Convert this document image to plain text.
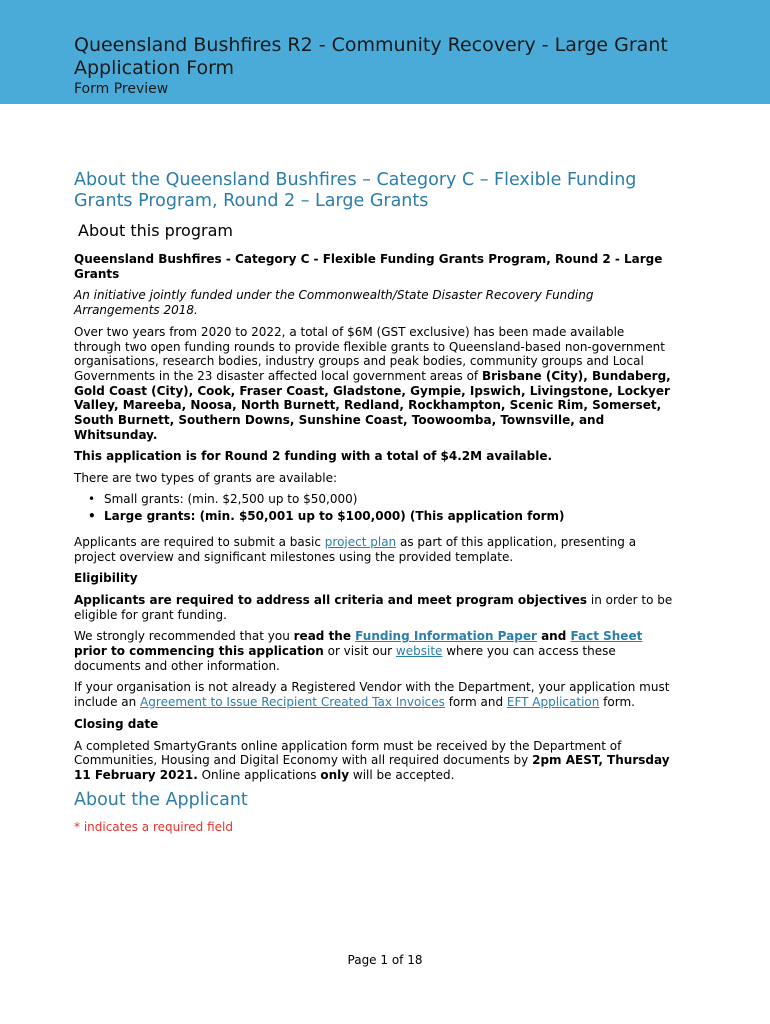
Queensland Bushfires R2 - Community Recovery - Large Grant Application Form
Form Preview
About the Queensland Bushfires – Category C – Flexible Funding Grants Program, Round 2 – Large Grants
About this program

Queensland Bushfires - Category C - Flexible Funding Grants Program, Round 2 - Large Grants

An initiative jointly funded under the Commonwealth/State Disaster Recovery Funding Arrangements 2018.

Over two years from 2020 to 2022, a total of $6M (GST exclusive) has been made available through two open funding rounds to provide flexible grants to Queensland-based non-government organisations, research bodies, industry groups and peak bodies, community groups and Local Governments in the 23 disaster affected local government areas of Brisbane (City), Bundaberg, Gold Coast (City), Cook, Fraser Coast, Gladstone, Gympie, Ipswich, Livingstone, Lockyer Valley, Mareeba, Noosa, North Burnett, Redland, Rockhampton, Scenic Rim, Somerset, South Burnett, Southern Downs, Sunshine Coast, Toowoomba, Townsville, and Whitsunday.

This application is for Round 2 funding with a total of $4.2M available.

There are two types of grants are available:

• Small grants: (min. $2,500 up to $50,000)
• Large grants: (min. $50,001 up to $100,000) (This application form)

Applicants are required to submit a basic project plan as part of this application, presenting a project overview and significant milestones using the provided template.

Eligibility

Applicants are required to address all criteria and meet program objectives in order to be eligible for grant funding.

We strongly recommended that you read the Funding Information Paper and Fact Sheet prior to commencing this application or visit our website where you can access these documents and other information.

If your organisation is not already a Registered Vendor with the Department, your application must include an Agreement to Issue Recipient Created Tax Invoices form and EFT Application form.

Closing date

A completed SmartyGrants online application form must be received by the Department of Communities, Housing and Digital Economy with all required documents by 2pm AEST, Thursday 11 February 2021. Online applications only will be accepted.

About the Applicant

* indicates a required field

Page 1 of 18
